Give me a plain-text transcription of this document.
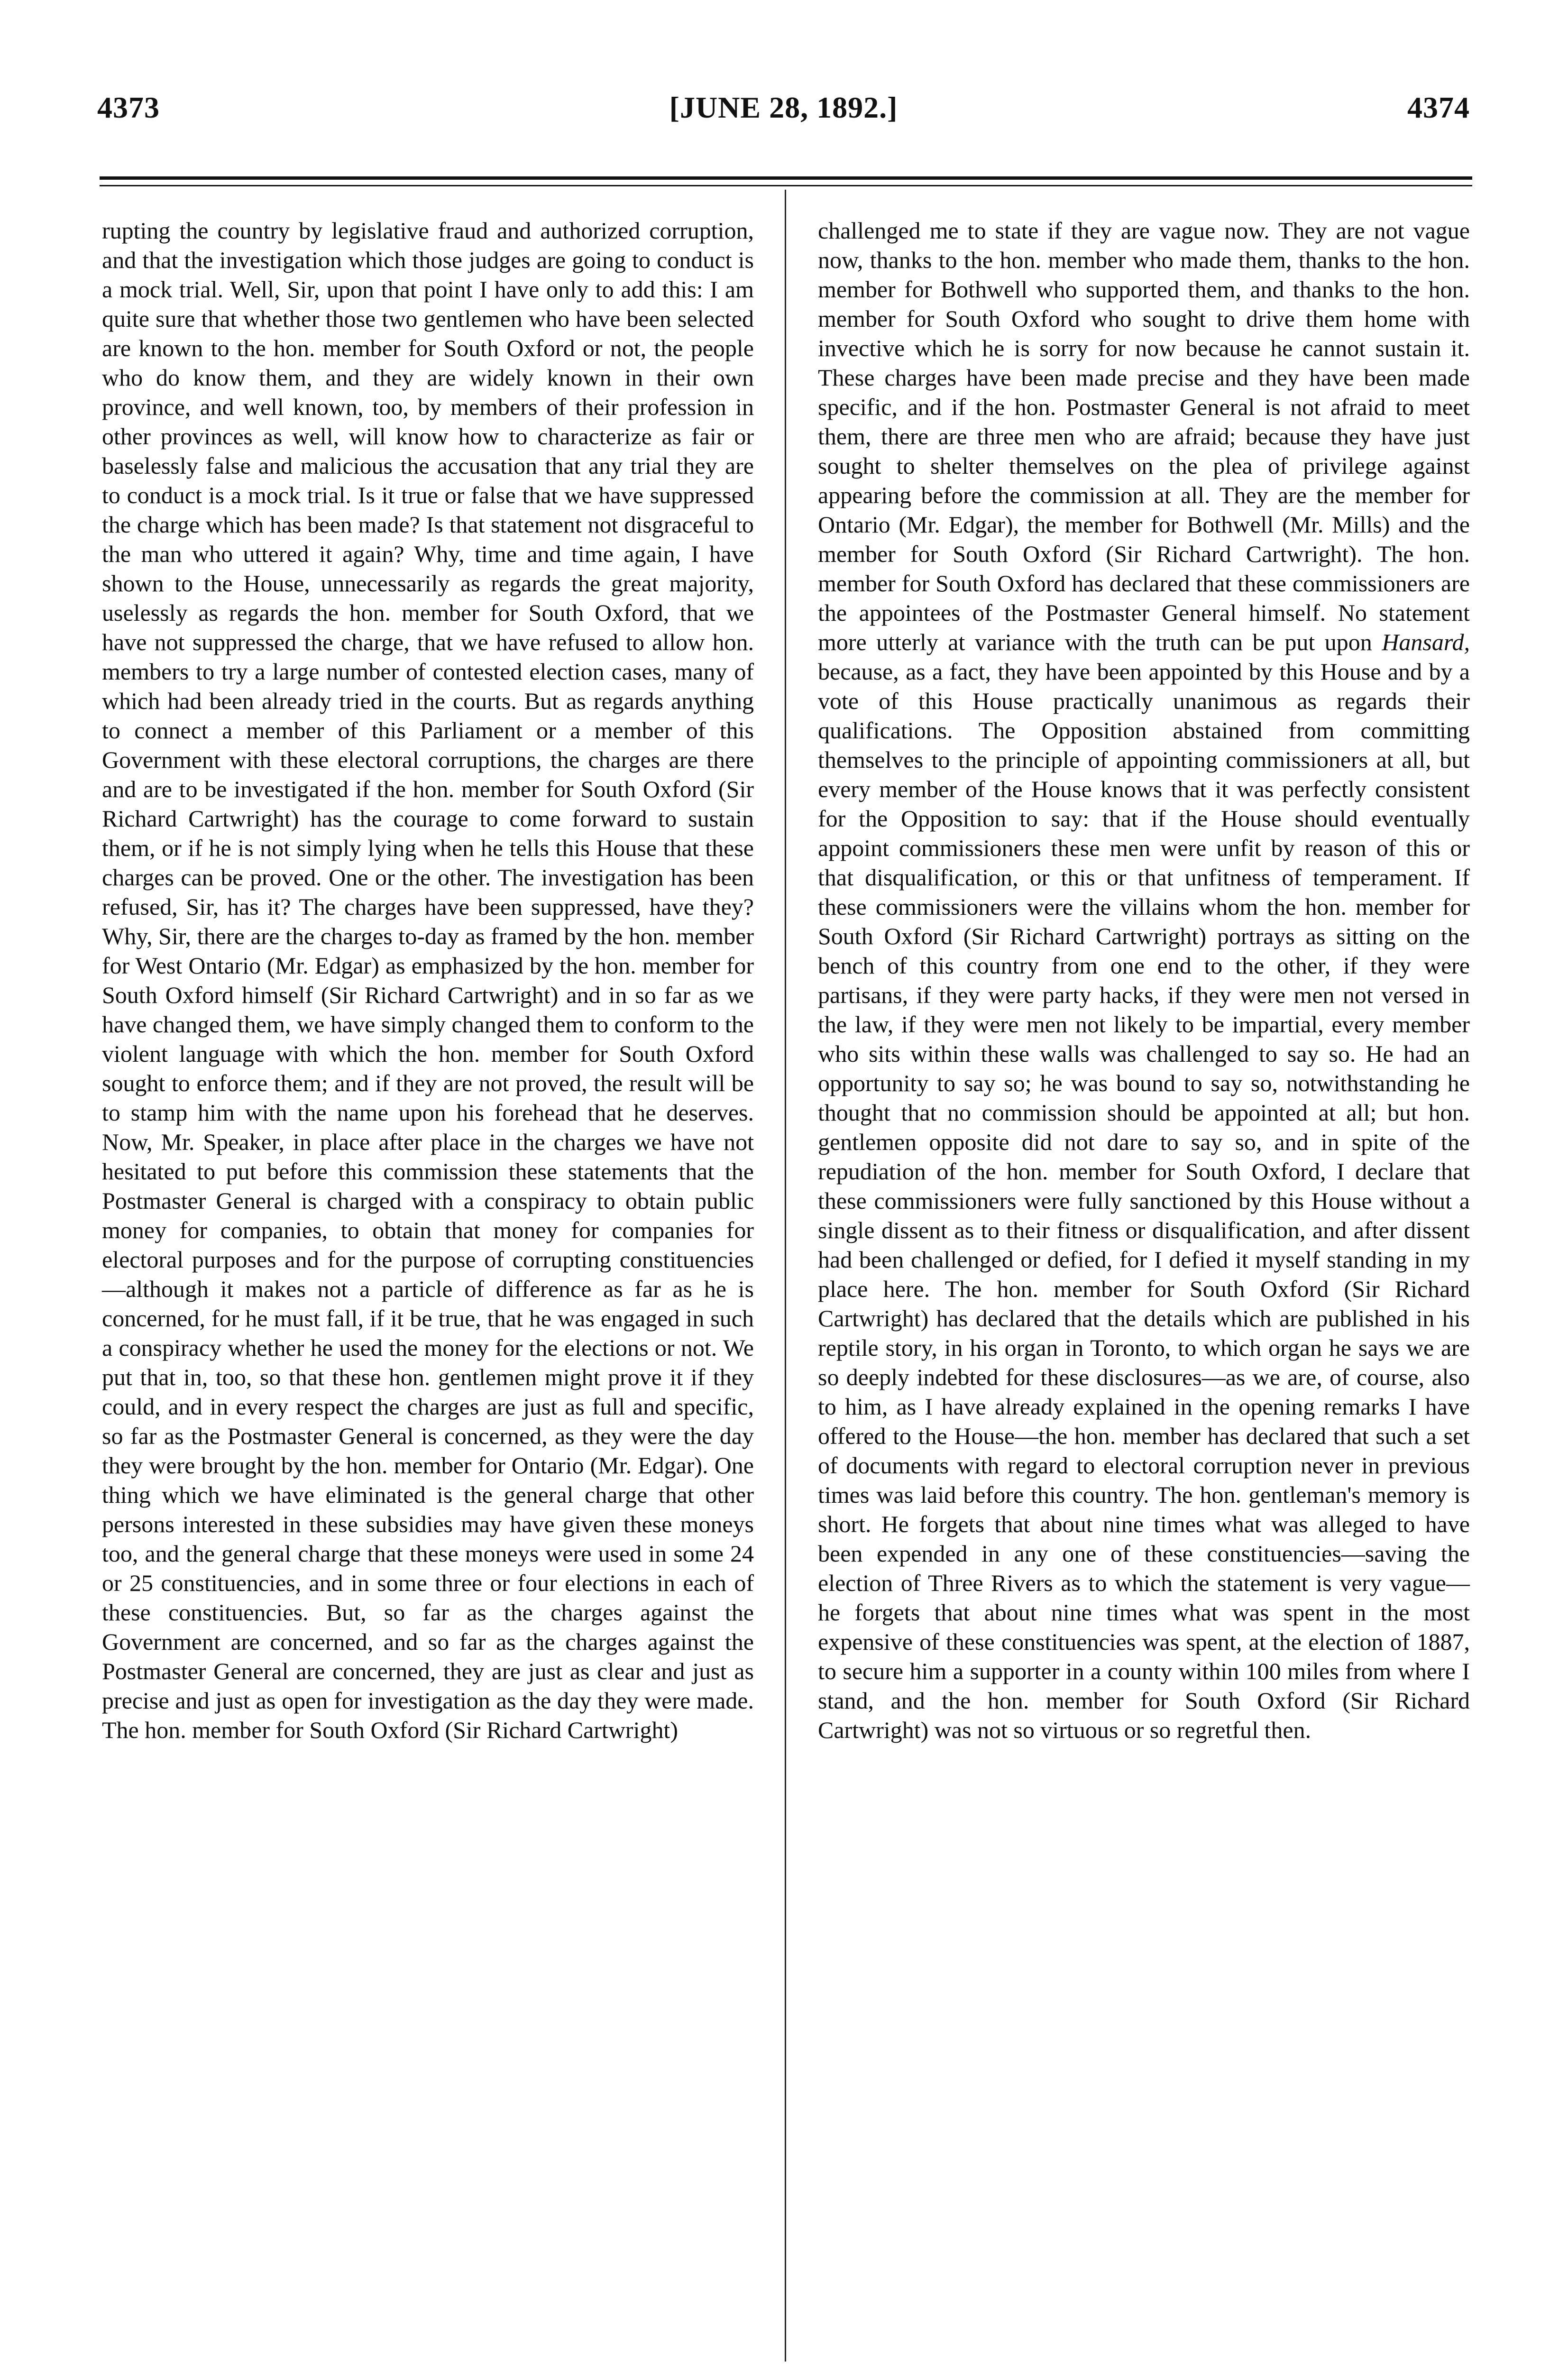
4373	[JUNE 28, 1892.]	4374

rupting the country by legislative fraud and authorized corruption, and that the investigation which those judges are going to conduct is a mock trial. Well, Sir, upon that point I have only to add this: I am quite sure that whether those two gentlemen who have been selected are known to the hon. member for South Oxford or not, the people who do know them, and they are widely known in their own province, and well known, too, by members of their profession in other provinces as well, will know how to characterize as fair or baselessly false and malicious the accusation that any trial they are to conduct is a mock trial. Is it true or false that we have suppressed the charge which has been made? Is that statement not disgraceful to the man who uttered it again? Why, time and time again, I have shown to the House, unnecessarily as regards the great majority, uselessly as regards the hon. member for South Oxford, that we have not suppressed the charge, that we have refused to allow hon. members to try a large number of contested election cases, many of which had been already tried in the courts. But as regards anything to connect a member of this Parliament or a member of this Government with these electoral corruptions, the charges are there and are to be investigated if the hon. member for South Oxford (Sir Richard Cartwright) has the courage to come forward to sustain them, or if he is not simply lying when he tells this House that these charges can be proved. One or the other. The investigation has been refused, Sir, has it? The charges have been suppressed, have they? Why, Sir, there are the charges to-day as framed by the hon. member for West Ontario (Mr. Edgar) as emphasized by the hon. member for South Oxford himself (Sir Richard Cartwright) and in so far as we have changed them, we have simply changed them to conform to the violent language with which the hon. member for South Oxford sought to enforce them; and if they are not proved, the result will be to stamp him with the name upon his forehead that he deserves. Now, Mr. Speaker, in place after place in the charges we have not hesitated to put before this commission these statements that the Postmaster General is charged with a conspiracy to obtain public money for companies, to obtain that money for companies for electoral purposes and for the purpose of corrupting constituencies—although it makes not a particle of difference as far as he is concerned, for he must fall, if it be true, that he was engaged in such a conspiracy whether he used the money for the elections or not. We put that in, too, so that these hon. gentlemen might prove it if they could, and in every respect the charges are just as full and specific, so far as the Postmaster General is concerned, as they were the day they were brought by the hon. member for Ontario (Mr. Edgar). One thing which we have eliminated is the general charge that other persons interested in these subsidies may have given these moneys too, and the general charge that these moneys were used in some 24 or 25 constituencies, and in some three or four elections in each of these constituencies. But, so far as the charges against the Government are concerned, and so far as the charges against the Postmaster General are concerned, they are just as clear and just as precise and just as open for investigation as the day they were made. The hon. member for South Oxford (Sir Richard Cartwright)

challenged me to state if they are vague now. They are not vague now, thanks to the hon. member who made them, thanks to the hon. member for Bothwell who supported them, and thanks to the hon. member for South Oxford who sought to drive them home with invective which he is sorry for now because he cannot sustain it. These charges have been made precise and they have been made specific, and if the hon. Postmaster General is not afraid to meet them, there are three men who are afraid; because they have just sought to shelter themselves on the plea of privilege against appearing before the commission at all. They are the member for Ontario (Mr. Edgar), the member for Bothwell (Mr. Mills) and the member for South Oxford (Sir Richard Cartwright). The hon. member for South Oxford has declared that these commissioners are the appointees of the Postmaster General himself. No statement more utterly at variance with the truth can be put upon Hansard, because, as a fact, they have been appointed by this House and by a vote of this House practically unanimous as regards their qualifications. The Opposition abstained from committing themselves to the principle of appointing commissioners at all, but every member of the House knows that it was perfectly consistent for the Opposition to say: that if the House should eventually appoint commissioners these men were unfit by reason of this or that disqualification, or this or that unfitness of temperament. If these commissioners were the villains whom the hon. member for South Oxford (Sir Richard Cartwright) portrays as sitting on the bench of this country from one end to the other, if they were partisans, if they were party hacks, if they were men not versed in the law, if they were men not likely to be impartial, every member who sits within these walls was challenged to say so. He had an opportunity to say so; he was bound to say so, notwithstanding he thought that no commission should be appointed at all; but hon. gentlemen opposite did not dare to say so, and in spite of the repudiation of the hon. member for South Oxford, I declare that these commissioners were fully sanctioned by this House without a single dissent as to their fitness or disqualification, and after dissent had been challenged or defied, for I defied it myself standing in my place here. The hon. member for South Oxford (Sir Richard Cartwright) has declared that the details which are published in his reptile story, in his organ in Toronto, to which organ he says we are so deeply indebted for these disclosures—as we are, of course, also to him, as I have already explained in the opening remarks I have offered to the House—the hon. member has declared that such a set of documents with regard to electoral corruption never in previous times was laid before this country. The hon. gentleman's memory is short. He forgets that about nine times what was alleged to have been expended in any one of these constituencies—saving the election of Three Rivers as to which the statement is very vague—he forgets that about nine times what was spent in the most expensive of these constituencies was spent, at the election of 1887, to secure him a supporter in a county within 100 miles from where I stand, and the hon. member for South Oxford (Sir Richard Cartwright) was not so virtuous or so regretful then.
